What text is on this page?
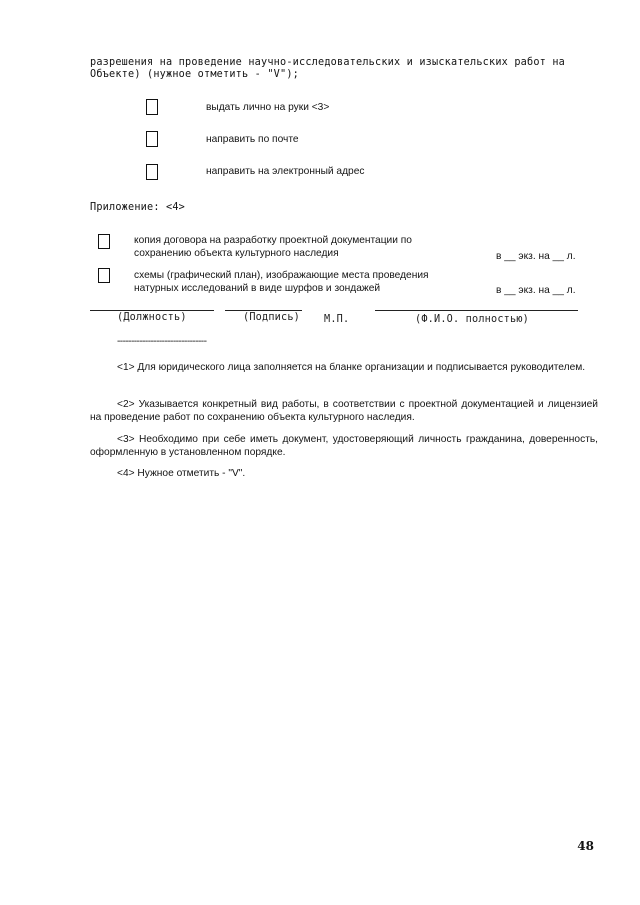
разрешения на проведение научно-исследовательских и изыскательских работ на
Объекте) (нужное отметить - "V");
выдать лично на руки <3>
направить по почте
направить на электронный адрес
Приложение: <4>
копия договора на разработку проектной документации по
сохранению объекта культурного наследия	в __ экз. на __ л.
схемы (графический план), изображающие места проведения
натурных исследований в виде шурфов и зондажей	в __ экз. на __ л.
(Должность)	(Подпись) М.П.	(Ф.И.О. полностью)
--------------------------------
<1> Для юридического лица заполняется на бланке организации и подписывается руководителем.
<2> Указывается конкретный вид работы, в соответствии с проектной документацией и лицензией на проведение работ по сохранению объекта культурного наследия.
<3> Необходимо при себе иметь документ, удостоверяющий личность гражданина, доверенность, оформленную в установленном порядке.
<4> Нужное отметить - "V".
48
